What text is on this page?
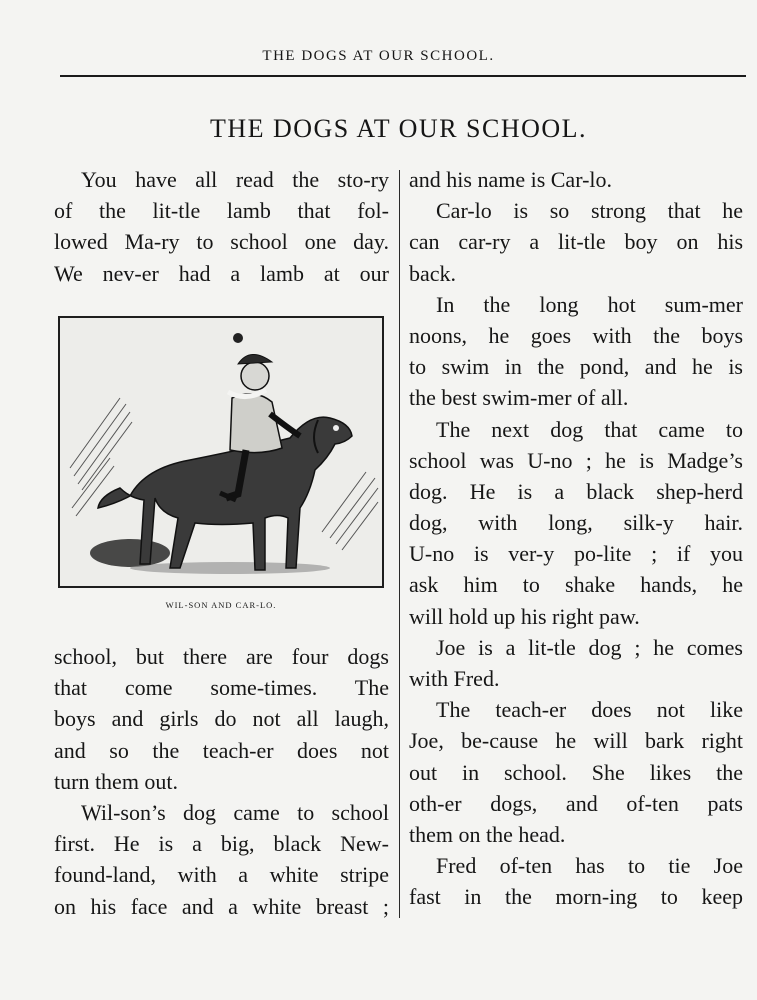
THE DOGS AT OUR SCHOOL.
THE DOGS AT OUR SCHOOL.
You have all read the sto-ry
of the lit-tle lamb that fol-
lowed Ma-ry to school one day.
We nev-er had a lamb at our
WIL-SON AND CAR-LO.
school, but there are four dogs
that come some-times. The
boys and girls do not all laugh,
and so the teach-er does not
turn them out.
Wil-son’s dog came to school
first. He is a big, black New-
found-land, with a white stripe
on his face and a white breast ;
and his name is Car-lo.
Car-lo is so strong that he
can car-ry a lit-tle boy on his
back.
In the long hot sum-mer
noons, he goes with the boys
to swim in the pond, and he is
the best swim-mer of all.
The next dog that came to
school was U-no ; he is Madge’s
dog. He is a black shep-herd
dog, with long, silk-y hair.
U-no is ver-y po-lite ; if you
ask him to shake hands, he
will hold up his right paw.
Joe is a lit-tle dog ; he comes
with Fred.
The teach-er does not like
Joe, be-cause he will bark right
out in school. She likes the
oth-er dogs, and of-ten pats
them on the head.
Fred of-ten has to tie Joe
fast in the morn-ing to keep
